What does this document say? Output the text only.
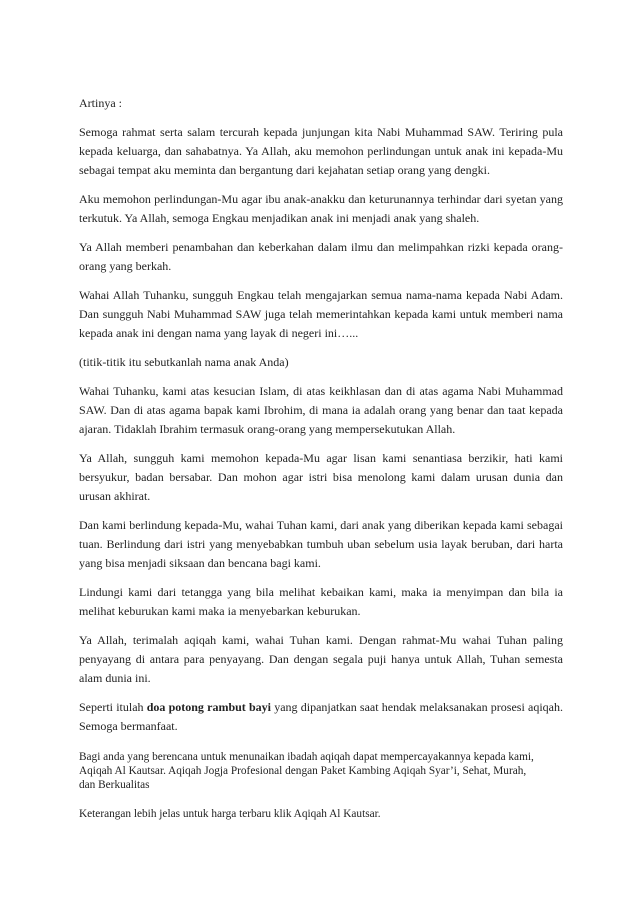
Artinya :

Semoga rahmat serta salam tercurah kepada junjungan kita Nabi Muhammad SAW. Teriring pula kepada keluarga, dan sahabatnya. Ya Allah, aku memohon perlindungan untuk anak ini kepada-Mu sebagai tempat aku meminta dan bergantung dari kejahatan setiap orang yang dengki.

Aku memohon perlindungan-Mu agar ibu anak-anakku dan keturunannya terhindar dari syetan yang terkutuk. Ya Allah, semoga Engkau menjadikan anak ini menjadi anak yang shaleh.

Ya Allah memberi penambahan dan keberkahan dalam ilmu dan melimpahkan rizki kepada orang-orang yang berkah.

Wahai Allah Tuhanku, sungguh Engkau telah mengajarkan semua nama-nama kepada Nabi Adam. Dan sungguh Nabi Muhammad SAW juga telah memerintahkan kepada kami untuk memberi nama kepada anak ini dengan nama yang layak di negeri ini…...

(titik-titik itu sebutkanlah nama anak Anda)

Wahai Tuhanku, kami atas kesucian Islam, di atas keikhlasan dan di atas agama Nabi Muhammad SAW. Dan di atas agama bapak kami Ibrohim, di mana ia adalah orang yang benar dan taat kepada ajaran. Tidaklah Ibrahim termasuk orang-orang yang mempersekutukan Allah.

Ya Allah, sungguh kami memohon kepada-Mu agar lisan kami senantiasa berzikir, hati kami bersyukur, badan bersabar. Dan mohon agar istri bisa menolong kami dalam urusan dunia dan urusan akhirat.

Dan kami berlindung kepada-Mu, wahai Tuhan kami, dari anak yang diberikan kepada kami sebagai tuan. Berlindung dari istri yang menyebabkan tumbuh uban sebelum usia layak beruban, dari harta yang bisa menjadi siksaan dan bencana bagi kami.

Lindungi kami dari tetangga yang bila melihat kebaikan kami, maka ia menyimpan dan bila ia melihat keburukan kami maka ia menyebarkan keburukan.

Ya Allah, terimalah aqiqah kami, wahai Tuhan kami. Dengan rahmat-Mu wahai Tuhan paling penyayang di antara para penyayang. Dan dengan segala puji hanya untuk Allah, Tuhan semesta alam dunia ini.

Seperti itulah doa potong rambut bayi yang dipanjatkan saat hendak melaksanakan prosesi aqiqah. Semoga bermanfaat.

Bagi anda yang berencana untuk menunaikan ibadah aqiqah dapat mempercayakannya kepada kami,
Aqiqah Al Kautsar. Aqiqah Jogja Profesional dengan Paket Kambing Aqiqah Syar’i, Sehat, Murah,
dan Berkualitas

Keterangan lebih jelas untuk harga terbaru klik Aqiqah Al Kautsar.
